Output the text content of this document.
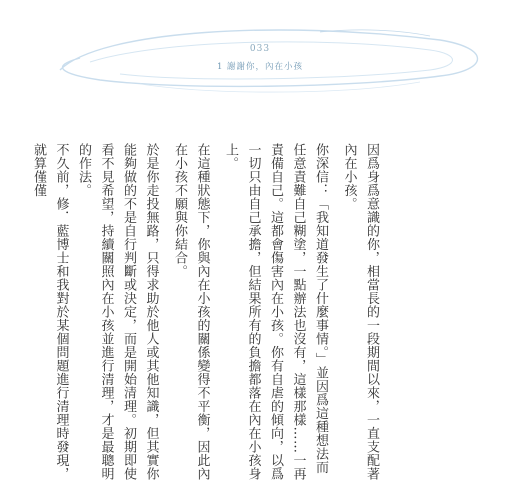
033
1 謝謝你，內在小孩

因爲身爲意識的你，相當長的一段期間以來，一直支配著內在小孩。

你深信：「我知道發生了什麼事情。」並因爲這種想法而任意責難自己糊塗，一點辦法也沒有，這樣那樣……一再責備自己。這都會傷害內在小孩。你有自虐的傾向，以爲一切只由自己承擔，但結果所有的負擔都落在內在小孩身上。

在這種狀態下，你與內在小孩的關係變得不平衡，因此內在小孩不願與你結合。

於是你走投無路，只得求助於他人或其他知識，但其實你能夠做的不是自行判斷或決定，而是開始清理。初期即使看不見希望，持續關照內在小孩並進行清理，才是最聰明的作法。

不久前，修．藍博士和我對於某個問題進行清理時發現，就算僅僅
